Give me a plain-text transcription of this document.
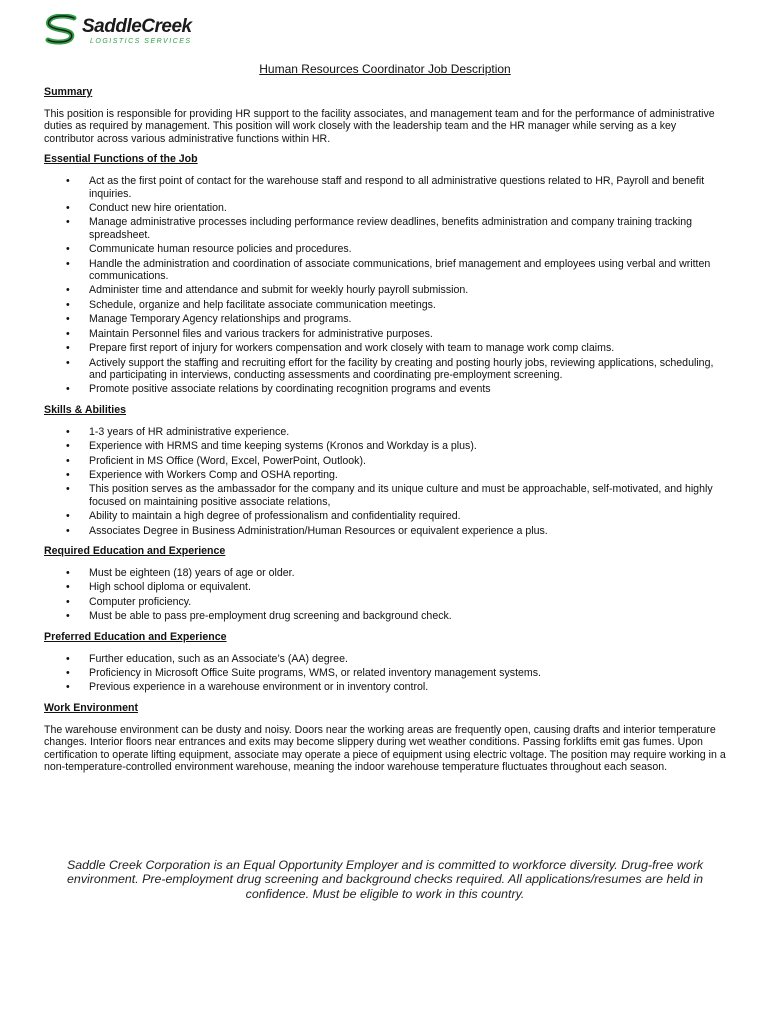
SaddleCreek
LOGISTICS SERVICES
Human Resources Coordinator Job Description
Summary
This position is responsible for providing HR support to the facility associates, and management team and for the performance of administrative duties as required by management. This position will work closely with the leadership team and the HR manager while serving as a key contributor across various administrative functions within HR.
Essential Functions of the Job
• Act as the first point of contact for the warehouse staff and respond to all administrative questions related to HR, Payroll and benefit inquiries.
• Conduct new hire orientation.
• Manage administrative processes including performance review deadlines, benefits administration and company training tracking spreadsheet.
• Communicate human resource policies and procedures.
• Handle the administration and coordination of associate communications, brief management and employees using verbal and written communications.
• Administer time and attendance and submit for weekly hourly payroll submission.
• Schedule, organize and help facilitate associate communication meetings.
• Manage Temporary Agency relationships and programs.
• Maintain Personnel files and various trackers for administrative purposes.
• Prepare first report of injury for workers compensation and work closely with team to manage work comp claims.
• Actively support the staffing and recruiting effort for the facility by creating and posting hourly jobs, reviewing applications, scheduling, and participating in interviews, conducting assessments and coordinating pre-employment screening.
• Promote positive associate relations by coordinating recognition programs and events
Skills & Abilities
• 1-3 years of HR administrative experience.
• Experience with HRMS and time keeping systems (Kronos and Workday is a plus).
• Proficient in MS Office (Word, Excel, PowerPoint, Outlook).
• Experience with Workers Comp and OSHA reporting.
• This position serves as the ambassador for the company and its unique culture and must be approachable, self-motivated, and highly focused on maintaining positive associate relations,
• Ability to maintain a high degree of professionalism and confidentiality required.
• Associates Degree in Business Administration/Human Resources or equivalent experience a plus.
Required Education and Experience
• Must be eighteen (18) years of age or older.
• High school diploma or equivalent.
• Computer proficiency.
• Must be able to pass pre-employment drug screening and background check.
Preferred Education and Experience
• Further education, such as an Associate’s (AA) degree.
• Proficiency in Microsoft Office Suite programs, WMS, or related inventory management systems.
• Previous experience in a warehouse environment or in inventory control.
Work Environment
The warehouse environment can be dusty and noisy. Doors near the working areas are frequently open, causing drafts and interior temperature changes. Interior floors near entrances and exits may become slippery during wet weather conditions. Passing forklifts emit gas fumes. Upon certification to operate lifting equipment, associate may operate a piece of equipment using electric voltage. The position may require working in a non-temperature-controlled environment warehouse, meaning the indoor warehouse temperature fluctuates throughout each season.
Saddle Creek Corporation is an Equal Opportunity Employer and is committed to workforce diversity. Drug-free work environment. Pre-employment drug screening and background checks required. All applications/resumes are held in confidence. Must be eligible to work in this country.
